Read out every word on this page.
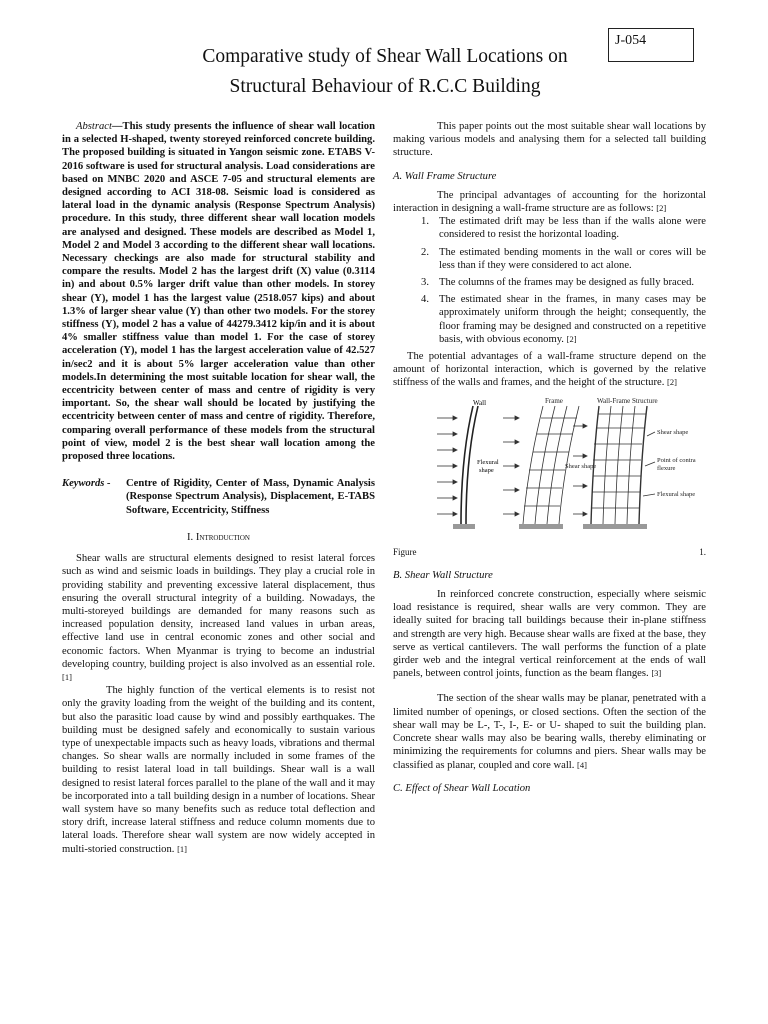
J-054
Comparative study of Shear Wall Locations on
Structural Behaviour of R.C.C Building

Abstract—This study presents the influence of shear wall location in a selected H-shaped, twenty storeyed reinforced concrete building. The proposed building is situated in Yangon seismic zone. ETABS V-2016 software is used for structural analysis. Load considerations are based on MNBC 2020 and ASCE 7-05 and structural elements are designed according to ACI 318-08. Seismic load is considered as lateral load in the dynamic analysis (Response Spectrum Analysis) procedure. In this study, three different shear wall location models are analysed and designed. These models are described as Model 1, Model 2 and Model 3 according to the different shear wall locations. Necessary checkings are also made for structural stability and compare the results. Model 2 has the largest drift (X) value (0.3114 in) and about 0.5% larger drift value than other models. In storey shear (Y), model 1 has the largest value (2518.057 kips) and about 1.3% of larger shear value (Y) than other two models. For the storey stiffness (Y), model 2 has a value of 44279.3412 kip/in and it is about 4% smaller stiffness value than model 1. For the case of storey acceleration (Y), model 1 has the largest acceleration value of 42.527 in/sec2 and it is about 5% larger acceleration value than other models.In determining the most suitable location for shear wall, the eccentricity between center of mass and centre of rigidity is very important. So, the shear wall should be located by justifying the eccentricity between center of mass and centre of rigidity. Therefore, comparing overall performance of these models from the structural point of view, model 2 is the best shear wall location among the proposed three locations.

Keywords -	Centre of Rigidity, Center of Mass, Dynamic Analysis (Response Spectrum Analysis), Displacement, E-TABS Software, Eccentricity, Stiffness
I. Introduction

Shear walls are structural elements designed to resist lateral forces such as wind and seismic loads in buildings. They play a crucial role in providing stability and preventing excessive lateral displacement, thus ensuring the overall structural integrity of a building. Nowadays, the multi-storeyed buildings are demanded for many reasons such as increased population density, increased land values in urban areas, effective land use in central economic zones and other social and economic factors. When Myanmar is trying to become an industrial developing country, building project is also involved as an essential role. [1]

The highly function of the vertical elements is to resist not only the gravity loading from the weight of the building and its content, but also the parasitic load cause by wind and possibly earthquakes. The building must be designed safely and economically to sustain various type of unexpectable impacts such as heavy loads, vibrations and thermal changes. So shear walls are normally included in some frames of the building to resist lateral load in tall buildings. Shear wall is a wall designed to resist lateral forces parallel to the plane of the wall and it may be incorporated into a tall building design in a number of locations. Shear wall system have so many benefits such as reduce total deflection and story drift, increase lateral stiffness and reduce column moments due to lateral loads. Therefore shear wall system are now widely accepted in multi-storied construction. [1]

This paper points out the most suitable shear wall locations by making various models and analysing them for a selected tall building structure.

A. Wall Frame Structure

The principal advantages of accounting for the horizontal interaction in designing a wall-frame structure are as follows: [2]

1. The estimated drift may be less than if the walls alone were considered to resist the horizontal loading.
2. The estimated bending moments in the wall or cores will be less than if they were considered to act alone.
3. The columns of the frames may be designed as fully braced.
4. The estimated shear in the frames, in many cases may be approximately uniform through the height; consequently, the floor framing may be designed and constructed on a repetitive basis, with obvious economy. [2]

The potential advantages of a wall-frame structure depend on the amount of horizontal interaction, which is governed by the relative stiffness of the walls and frames, and the height of the structure. [2]

Wall
Flexural
shape
Frame
Shear shape
Wall-Frame Structure
Shear shape
Point of contra
flexure
Flexural shape
Figure	1.
B. Shear Wall Structure

In reinforced concrete construction, especially where seismic load resistance is required, shear walls are very common. They are ideally suited for bracing tall buildings because their in-plane stiffness and strength are very high. Because shear walls are fixed at the base, they serve as vertical cantilevers. The wall performs the function of a plate girder web and the integral vertical reinforcement at the ends of wall panels, between control joints, function as the beam flanges. [3]

The section of the shear walls may be planar, penetrated with a limited number of openings, or closed sections. Often the section of the shear wall may be L-, T-, I-, E- or U- shaped to suit the building plan. Concrete shear walls may also be bearing walls, thereby eliminating or minimizing the requirements for columns and piers. Shear walls may be classified as planar, coupled and core wall. [4]

C. Effect of Shear Wall Location
